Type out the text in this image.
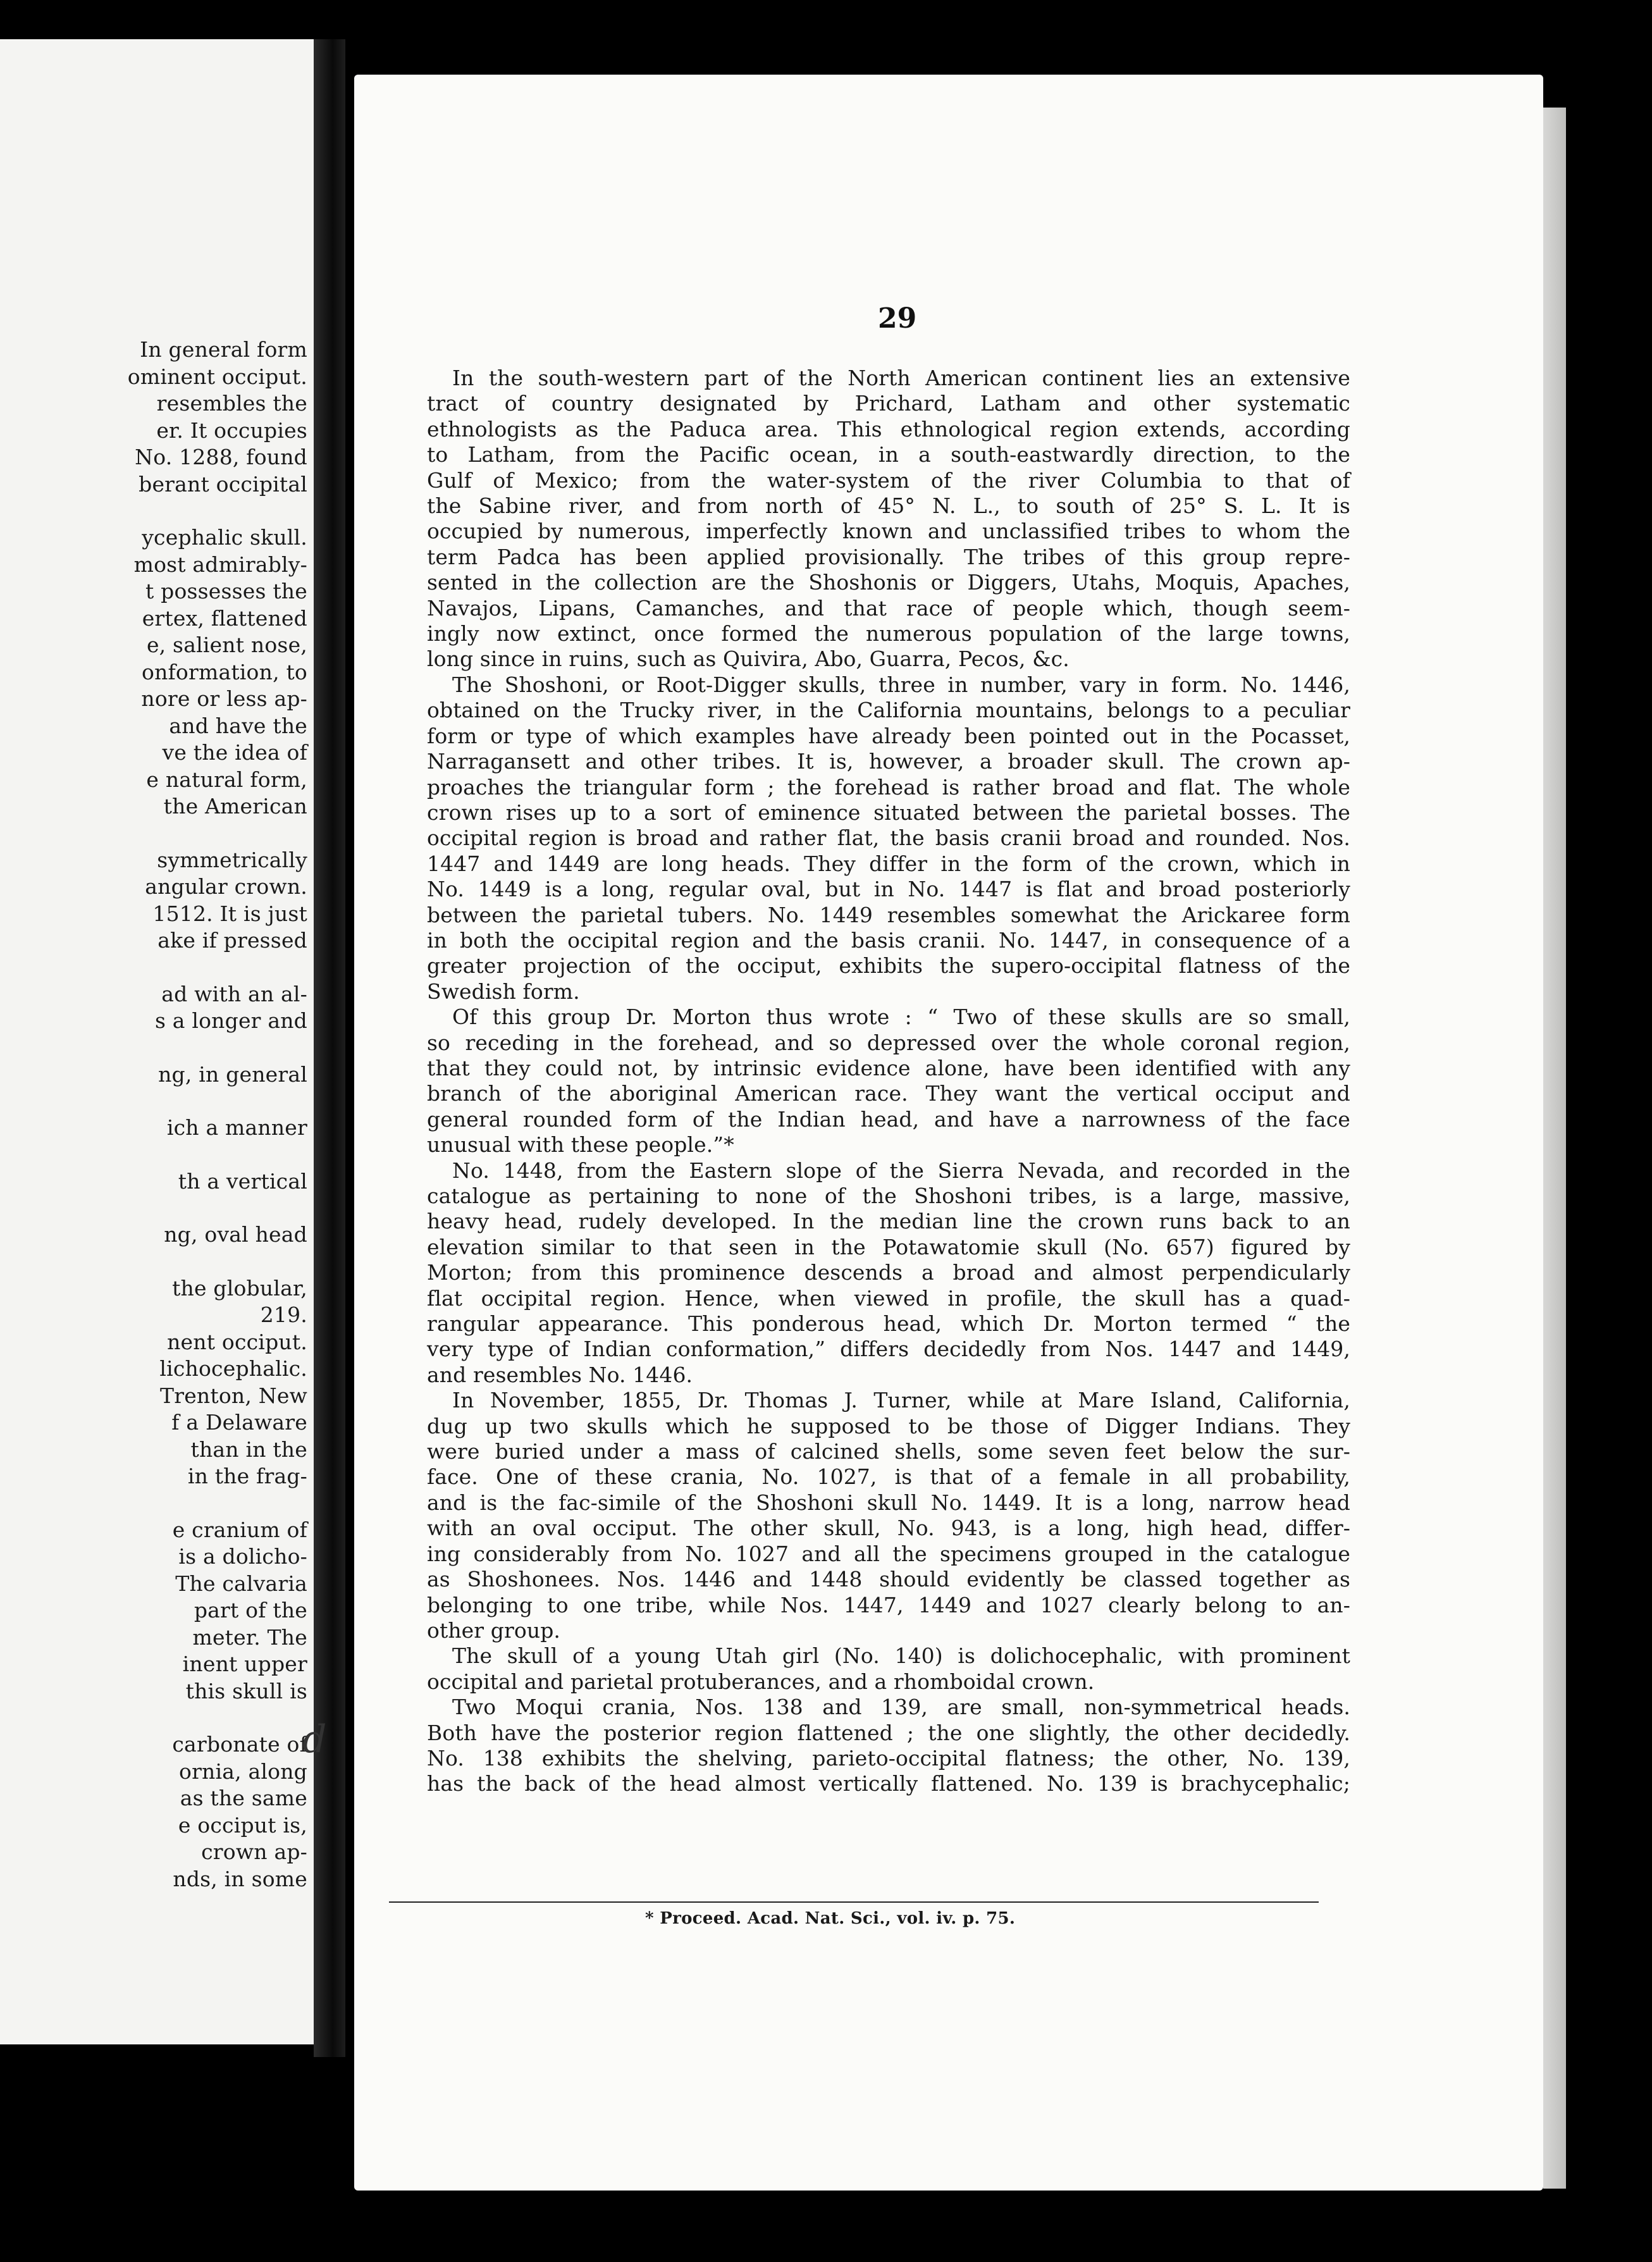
In general form
ominent occiput.
resembles the
er. It occupies
No. 1288, found
berant occipital
ycephalic skull.
most admirably-
t possesses the
ertex, flattened
e, salient nose,
onformation, to
nore or less ap-
and have the
ve the idea of
e natural form,
the American
symmetrically
angular crown.
1512. It is just
ake if pressed
ad with an al-
s a longer and
ng, in general
ich a manner
th a vertical
ng, oval head
the globular,
219.
nent occiput.
lichocephalic.
Trenton, New
f a Delaware
than in the
in the frag-
e cranium of
is a dolicho-
The calvaria
part of the
meter. The
inent upper
this skull is
carbonate of
ornia, along
as the same
e occiput is,
crown ap-
nds, in some
d
29
In the south-western part of the North American continent lies an extensive
tract of country designated by Prichard, Latham and other systematic
ethnologists as the Paduca area. This ethnological region extends, according
to Latham, from the Pacific ocean, in a south-eastwardly direction, to the
Gulf of Mexico; from the water-system of the river Columbia to that of
the Sabine river, and from north of 45° N. L., to south of 25° S. L. It is
occupied by numerous, imperfectly known and unclassified tribes to whom the
term Padca has been applied provisionally. The tribes of this group repre-
sented in the collection are the Shoshonis or Diggers, Utahs, Moquis, Apaches,
Navajos, Lipans, Camanches, and that race of people which, though seem-
ingly now extinct, once formed the numerous population of the large towns,
long since in ruins, such as Quivira, Abo, Guarra, Pecos, &c.
The Shoshoni, or Root-Digger skulls, three in number, vary in form. No. 1446,
obtained on the Trucky river, in the California mountains, belongs to a peculiar
form or type of which examples have already been pointed out in the Pocasset,
Narragansett and other tribes. It is, however, a broader skull. The crown ap-
proaches the triangular form ; the forehead is rather broad and flat. The whole
crown rises up to a sort of eminence situated between the parietal bosses. The
occipital region is broad and rather flat, the basis cranii broad and rounded. Nos.
1447 and 1449 are long heads. They differ in the form of the crown, which in
No. 1449 is a long, regular oval, but in No. 1447 is flat and broad posteriorly
between the parietal tubers. No. 1449 resembles somewhat the Arickaree form
in both the occipital region and the basis cranii. No. 1447, in consequence of a
greater projection of the occiput, exhibits the supero-occipital flatness of the
Swedish form.
Of this group Dr. Morton thus wrote : “ Two of these skulls are so small,
so receding in the forehead, and so depressed over the whole coronal region,
that they could not, by intrinsic evidence alone, have been identified with any
branch of the aboriginal American race. They want the vertical occiput and
general rounded form of the Indian head, and have a narrowness of the face
unusual with these people.”*
No. 1448, from the Eastern slope of the Sierra Nevada, and recorded in the
catalogue as pertaining to none of the Shoshoni tribes, is a large, massive,
heavy head, rudely developed. In the median line the crown runs back to an
elevation similar to that seen in the Potawatomie skull (No. 657) figured by
Morton; from this prominence descends a broad and almost perpendicularly
flat occipital region. Hence, when viewed in profile, the skull has a quad-
rangular appearance. This ponderous head, which Dr. Morton termed “ the
very type of Indian conformation,” differs decidedly from Nos. 1447 and 1449,
and resembles No. 1446.
In November, 1855, Dr. Thomas J. Turner, while at Mare Island, California,
dug up two skulls which he supposed to be those of Digger Indians. They
were buried under a mass of calcined shells, some seven feet below the sur-
face. One of these crania, No. 1027, is that of a female in all probability,
and is the fac-simile of the Shoshoni skull No. 1449. It is a long, narrow head
with an oval occiput. The other skull, No. 943, is a long, high head, differ-
ing considerably from No. 1027 and all the specimens grouped in the catalogue
as Shoshonees. Nos. 1446 and 1448 should evidently be classed together as
belonging to one tribe, while Nos. 1447, 1449 and 1027 clearly belong to an-
other group.
The skull of a young Utah girl (No. 140) is dolichocephalic, with prominent
occipital and parietal protuberances, and a rhomboidal crown.
Two Moqui crania, Nos. 138 and 139, are small, non-symmetrical heads.
Both have the posterior region flattened ; the one slightly, the other decidedly.
No. 138 exhibits the shelving, parieto-occipital flatness; the other, No. 139,
has the back of the head almost vertically flattened. No. 139 is brachycephalic;
* Proceed. Acad. Nat. Sci., vol. iv. p. 75.
